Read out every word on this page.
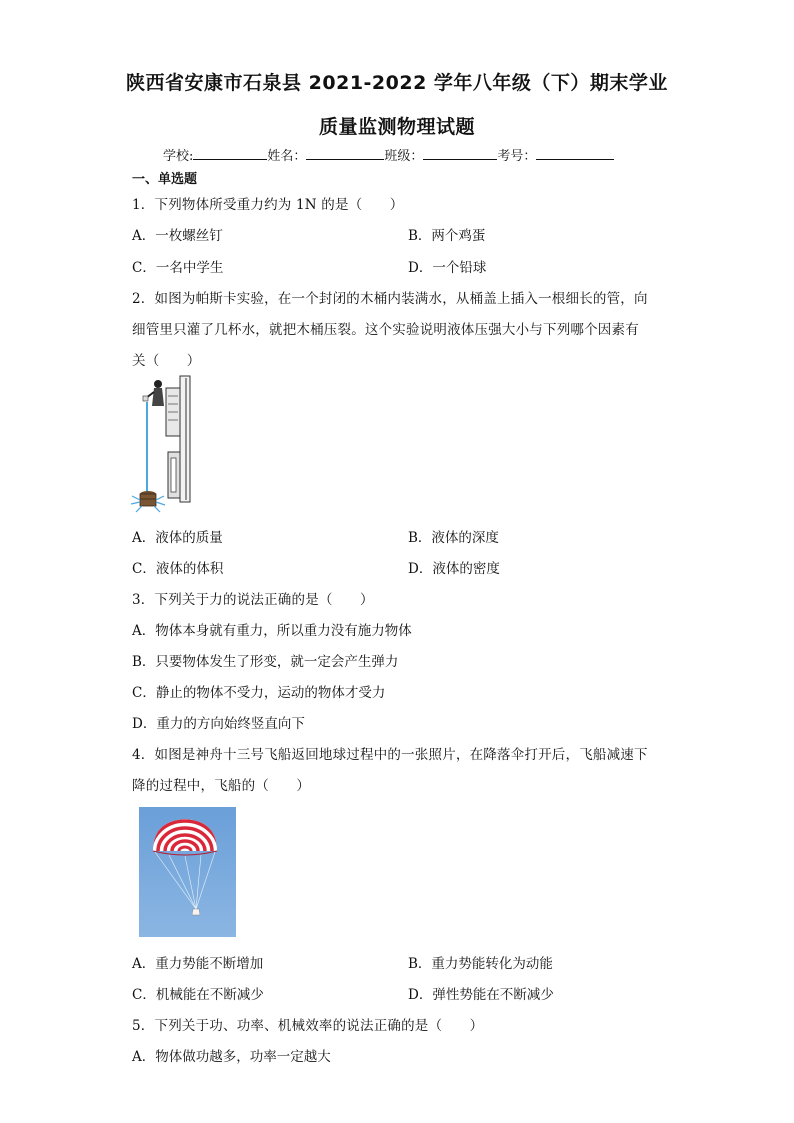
陕西省安康市石泉县 2021-2022 学年八年级（下）期末学业
质量监测物理试题
学校:	姓名：	班级：	考号：
一、单选题
1．下列物体所受重力约为 1N 的是（　　）
A．一枚螺丝钉	B．两个鸡蛋
C．一名中学生	D．一个铅球
2．如图为帕斯卡实验，在一个封闭的木桶内装满水，从桶盖上插入一根细长的管，向
细管里只灌了几杯水，就把木桶压裂。这个实验说明液体压强大小与下列哪个因素有
关（　　）
A．液体的质量	B．液体的深度
C．液体的体积	D．液体的密度
3．下列关于力的说法正确的是（　　）
A．物体本身就有重力，所以重力没有施力物体
B．只要物体发生了形变，就一定会产生弹力
C．静止的物体不受力，运动的物体才受力
D．重力的方向始终竖直向下
4．如图是神舟十三号飞船返回地球过程中的一张照片，在降落伞打开后，飞船减速下
降的过程中，飞船的（　　）
A．重力势能不断增加	B．重力势能转化为动能
C．机械能在不断减少	D．弹性势能在不断减少
5．下列关于功、功率、机械效率的说法正确的是（　　）
A．物体做功越多，功率一定越大
